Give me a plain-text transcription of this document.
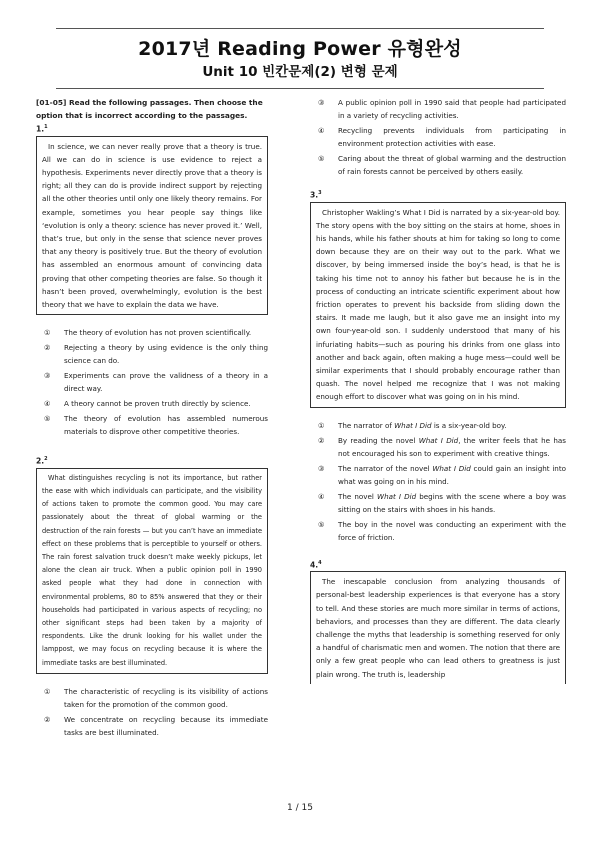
2017년 Reading Power 유형완성
Unit 10 빈칸문제(2) 변형 문제
[01-05] Read the following passages. Then choose the option that is incorrect according to the passages.
1.$^1$
In science, we can never really prove that a theory is true. All we can do in science is use evidence to reject a hypothesis. Experiments never directly prove that a theory is right; all they can do is provide indirect support by rejecting all the other theories until only one likely theory remains. For example, sometimes you hear people say things like ‘evolution is only a theory: science has never proved it.’ Well, that’s true, but only in the sense that science never proves that any theory is positively true. But the theory of evolution has assembled an enormous amount of convincing data proving that other competing theories are false. So though it hasn’t been proved, overwhelmingly, evolution is the best theory that we have to explain the data we have.
①	The theory of evolution has not proven scientifically.
②	Rejecting a theory by using evidence is the only thing science can do.
③	Experiments can prove the validness of a theory in a direct way.
④	A theory cannot be proven truth directly by science.
⑤	The theory of evolution has assembled numerous materials to disprove other competitive theories.
2.$^2$
What distinguishes recycling is not its importance, but rather the ease with which individuals can participate, and the visibility of actions taken to promote the common good. You may care passionately about the threat of global warming or the destruction of the rain forests — but you can’t have an immediate effect on these problems that is perceptible to yourself or others. The rain forest salvation truck doesn’t make weekly pickups, let alone the clean air truck. When a public opinion poll in 1990 asked people what they had done in connection with environmental problems, 80 to 85% answered that they or their households had participated in various aspects of recycling; no other significant steps had been taken by a majority of respondents. Like the drunk looking for his wallet under the lamppost, we may focus on recycling because it is where the immediate tasks are best illuminated.
①	The characteristic of recycling is its visibility of actions taken for the promotion of the common good.
②	We concentrate on recycling because its immediate tasks are best illuminated.
③	A public opinion poll in 1990 said that people had participated in a variety of recycling activities.
④	Recycling prevents individuals from participating in environment protection activities with ease.
⑤	Caring about the threat of global warming and the destruction of rain forests cannot be perceived by others easily.
3.$^3$
Christopher Wakling’s What I Did is narrated by a six-year-old boy. The story opens with the boy sitting on the stairs at home, shoes in his hands, while his father shouts at him for taking so long to come down because they are on their way out to the park. What we discover, by being immersed inside the boy’s head, is that he is taking his time not to annoy his father but because he is in the process of conducting an intricate scientific experiment about how friction operates to prevent his backside from sliding down the stairs. It made me laugh, but it also gave me an insight into my own four-year-old son. I suddenly understood that many of his infuriating habits—such as pouring his drinks from one glass into another and back again, often making a huge mess—could well be similar experiments that I should probably encourage rather than quash. The novel helped me recognize that I was not making enough effort to discover what was going on in his mind.
①	The narrator of What I Did is a six-year-old boy.
②	By reading the novel What I Did, the writer feels that he has not encouraged his son to experiment with creative things.
③	The narrator of the novel What I Did could gain an insight into what was going on in his mind.
④	The novel What I Did begins with the scene where a boy was sitting on the stairs with shoes in his hands.
⑤	The boy in the novel was conducting an experiment with the force of friction.
4.$^4$
The inescapable conclusion from analyzing thousands of personal-best leadership experiences is that everyone has a story to tell. And these stories are much more similar in terms of actions, behaviors, and processes than they are different. The data clearly challenge the myths that leadership is something reserved for only a handful of charismatic men and women. The notion that there are only a few great people who can lead others to greatness is just plain wrong. The truth is, leadership
1 / 15
